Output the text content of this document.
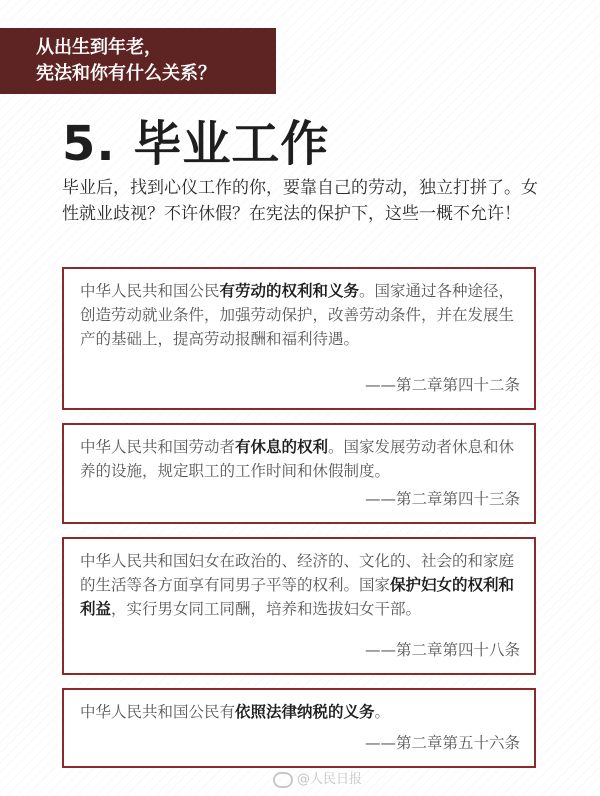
从出生到年老，
宪法和你有什么关系？
5. 毕业工作
毕业后，找到心仪工作的你，要靠自己的劳动，独立打拼了。女性就业歧视？不许休假？在宪法的保护下，这些一概不允许！

中华人民共和国公民有劳动的权利和义务。国家通过各种途径，创造劳动就业条件，加强劳动保护，改善劳动条件，并在发展生产的基础上，提高劳动报酬和福利待遇。

——第二章第四十二条

中华人民共和国劳动者有休息的权利。国家发展劳动者休息和休养的设施，规定职工的工作时间和休假制度。

——第二章第四十三条

中华人民共和国妇女在政治的、经济的、文化的、社会的和家庭的生活等各方面享有同男子平等的权利。国家保护妇女的权利和利益，实行男女同工同酬，培养和选拔妇女干部。

——第二章第四十八条

中华人民共和国公民有依照法律纳税的义务。

——第二章第五十六条
@人民日报
